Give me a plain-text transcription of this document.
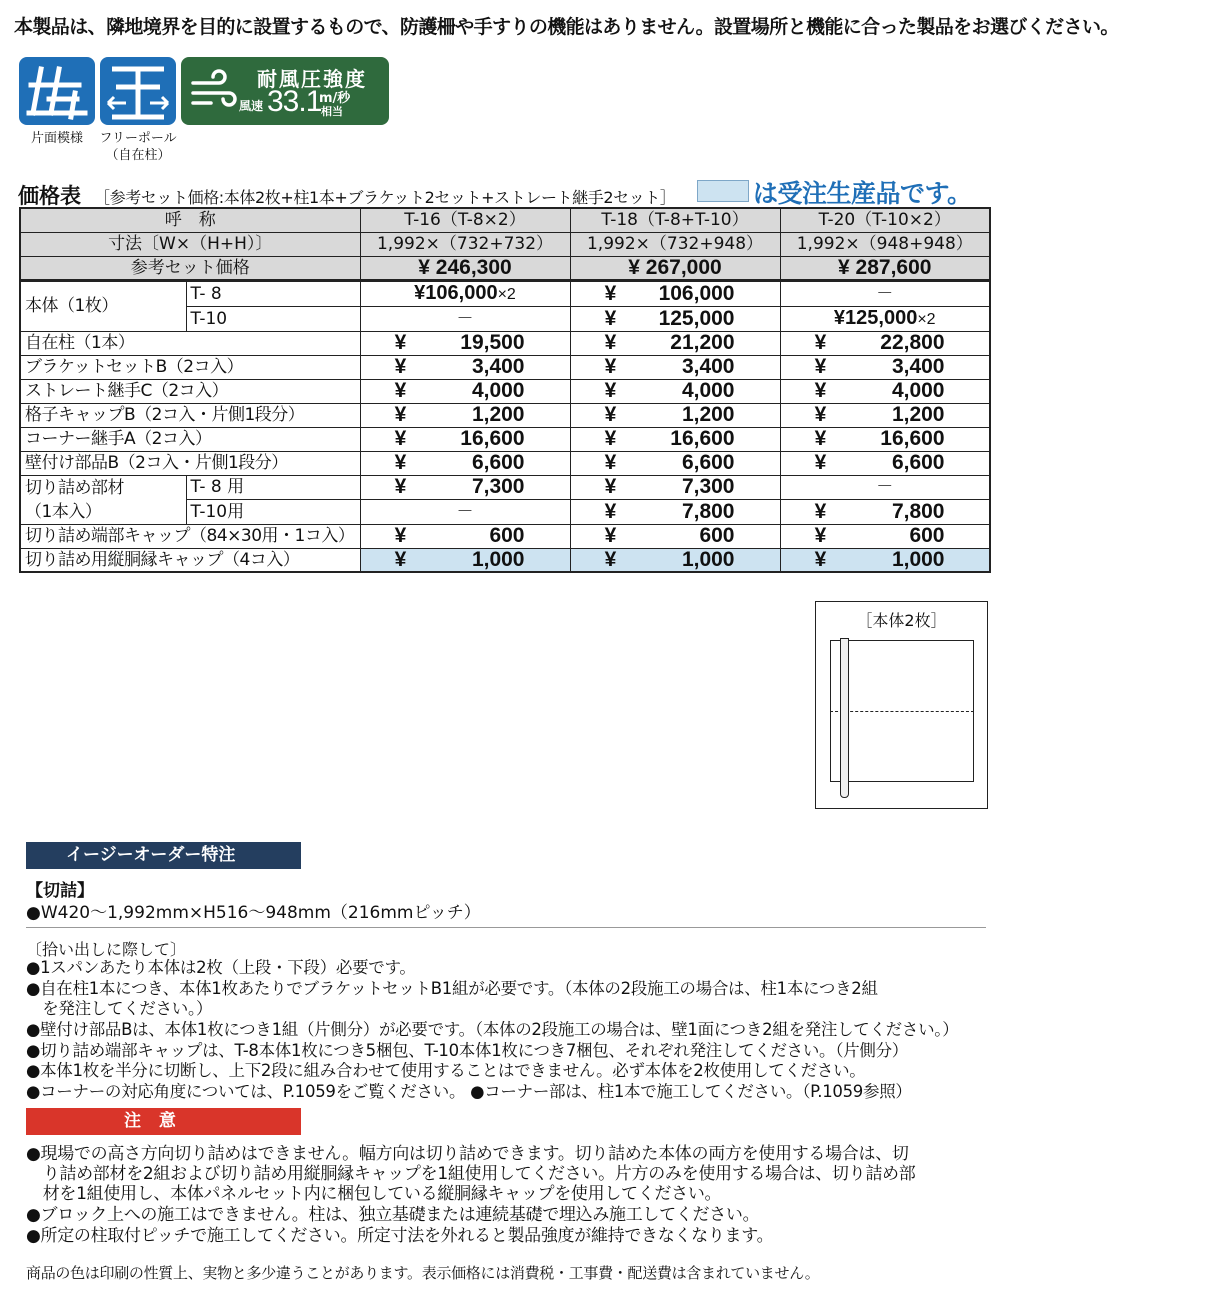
本製品は、隣地境界を目的に設置するもので、防護柵や手すりの機能はありません。設置場所と機能に合った製品をお選びください。
片面模様	フリーポール
（自在柱）
耐風圧強度
風速 33.1
m/秒
相当
価格表 ［参考セット価格:本体2枚+柱1本+ブラケット2セット+ストレート継手2セット］	は受注生産品です。
呼　称		T-16（T-8×2）	T-18（T-8+T-10）	T-20（T-10×2）
寸法〔W×（H+H）〕		1,992×（732+732）	1,992×（732+948）	1,992×（948+948）
参考セット価格		¥ 246,300	¥ 267,000	¥ 287,600
本体（1枚）	T- 8	¥106,000×2	¥ 106,000	－
	T-10	－	¥ 125,000	¥125,000×2
自在柱（1本）		¥ 19,500	¥ 21,200	¥ 22,800
ブラケットセットB（2コ入）		¥ 3,400	¥ 3,400	¥ 3,400
ストレート継手C（2コ入）		¥ 4,000	¥ 4,000	¥ 4,000
格子キャップB（2コ入・片側1段分）		¥ 1,200	¥ 1,200	¥ 1,200
コーナー継手A（2コ入）		¥ 16,600	¥ 16,600	¥ 16,600
壁付け部品B（2コ入・片側1段分）		¥ 6,600	¥ 6,600	¥ 6,600

切り詰め部材
（1本入）	T- 8 用	¥ 7,300	¥ 7,300	－
	T-10用	－	¥ 7,800	¥ 7,800
切り詰め端部キャップ（84×30用・1コ入）		¥ 600	¥ 600	¥ 600
切り詰め用縦胴縁キャップ（4コ入）		¥ 1,000	¥ 1,000	¥ 1,000
［本体2枚］
イージーオーダー特注
【切詰】
●W420～1,992mm×H516～948mm（216mmピッチ）
〔拾い出しに際して〕
●1スパンあたり本体は2枚（上段・下段）必要です。
●自在柱1本につき、本体1枚あたりでブラケットセットB1組が必要です。（本体の2段施工の場合は、柱1本につき2組
　を発注してください。）
●壁付け部品Bは、本体1枚につき1組（片側分）が必要です。（本体の2段施工の場合は、壁1面につき2組を発注してください。）
●切り詰め端部キャップは、T-8本体1枚につき5梱包、T-10本体1枚につき7梱包、それぞれ発注してください。（片側分）
●本体1枚を半分に切断し、上下2段に組み合わせて使用することはできません。必ず本体を2枚使用してください。
●コーナーの対応角度については、P.1059をご覧ください。 ●コーナー部は、柱1本で施工してください。（P.1059参照）
注 意
●現場での高さ方向切り詰めはできません。幅方向は切り詰めできます。切り詰めた本体の両方を使用する場合は、切
　り詰め部材を2組および切り詰め用縦胴縁キャップを1組使用してください。片方のみを使用する場合は、切り詰め部
　材を1組使用し、本体パネルセット内に梱包している縦胴縁キャップを使用してください。
●ブロック上への施工はできません。柱は、独立基礎または連続基礎で埋込み施工してください。
●所定の柱取付ピッチで施工してください。所定寸法を外れると製品強度が維持できなくなります。
商品の色は印刷の性質上、実物と多少違うことがあります。表示価格には消費税・工事費・配送費は含まれていません。
